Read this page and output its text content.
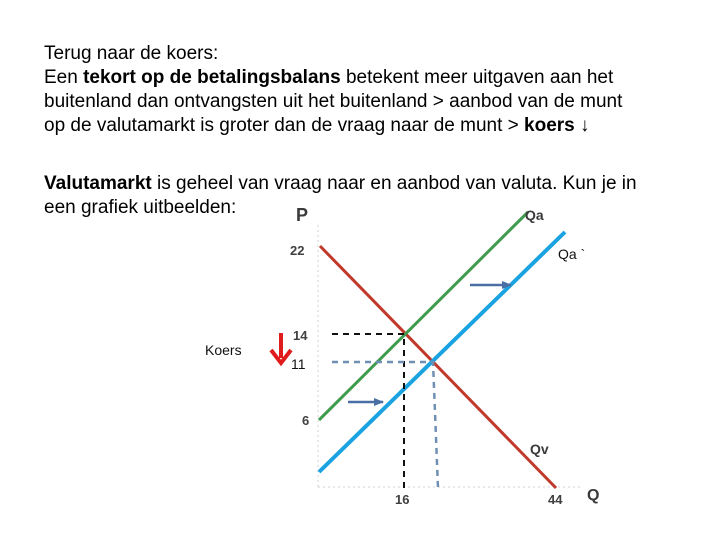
Terug naar de koers:
Een tekort op de betalingsbalans betekent meer uitgaven aan het
buitenland dan ontvangsten uit het buitenland > aanbod van de munt
op de valutamarkt is groter dan de vraag naar de munt > koers ↓

Valutamarkt is geheel van vraag naar en aanbod van valuta. Kun je in
een grafiek uitbeelden:	P
Q
Qa
Qa `
Qv
22
14
11
6
16	44
Koers
